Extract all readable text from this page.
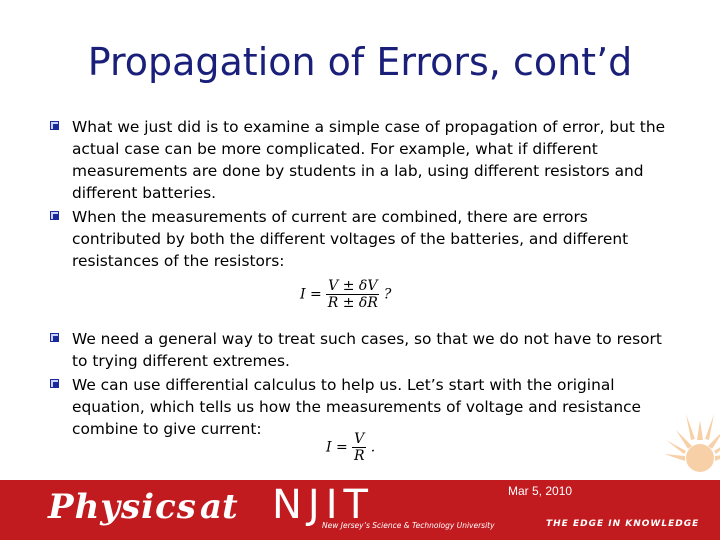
Propagation of Errors, cont’d
What we just did is to examine a simple case of propagation of error, but the actual case can be more complicated. For example, what if different measurements are done by students in a lab, using different resistors and different batteries.
When the measurements of current are combined, there are errors contributed by both the different voltages of the batteries, and different resistances of the resistors:
We need a general way to treat such cases, so that we do not have to resort to trying different extremes.
We can use differential calculus to help us. Let’s start with the original equation, which tells us how the measurements of voltage and resistance combine to give current:
$I = \frac{V \pm \delta V}{R \pm \delta R}$ ?
$I = \frac{V}{R}$ .
Physics at NJIT
New Jersey’s Science & Technology University	THE EDGE IN KNOWLEDGE
Mar 5, 2010
